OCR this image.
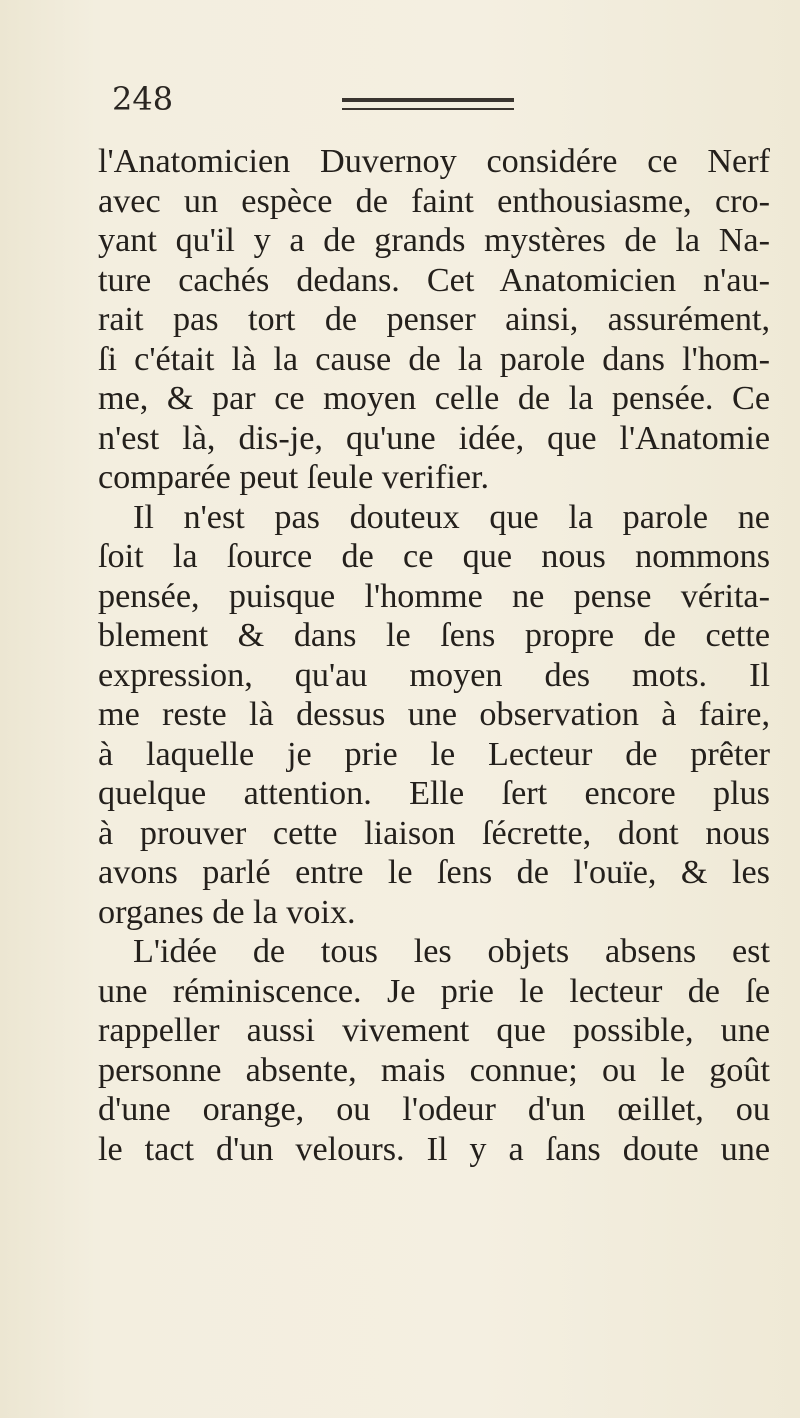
248
l'Anatomicien Duvernoy considére ce Nerf
avec un espèce de faint enthousiasme, cro-
yant qu'il y a de grands mystères de la Na-
ture cachés dedans. Cet Anatomicien n'au-
rait pas tort de penser ainsi, assurément,
ſi c'était là la cause de la parole dans l'hom-
me, & par ce moyen celle de la pensée. Ce
n'est là, dis-je, qu'une idée, que l'Anatomie
comparée peut ſeule verifier.
Il n'est pas douteux que la parole ne
ſoit la ſource de ce que nous nommons
pensée, puisque l'homme ne pense vérita-
blement & dans le ſens propre de cette
expression, qu'au moyen des mots. Il
me reste là dessus une observation à faire,
à laquelle je prie le Lecteur de prêter
quelque attention. Elle ſert encore plus
à prouver cette liaison ſécrette, dont nous
avons parlé entre le ſens de l'ouïe, & les
organes de la voix.
L'idée de tous les objets absens est
une réminiscence. Je prie le lecteur de ſe
rappeller aussi vivement que possible, une
personne absente, mais connue; ou le goût
d'une orange, ou l'odeur d'un œillet, ou
le tact d'un velours. Il y a ſans doute une
